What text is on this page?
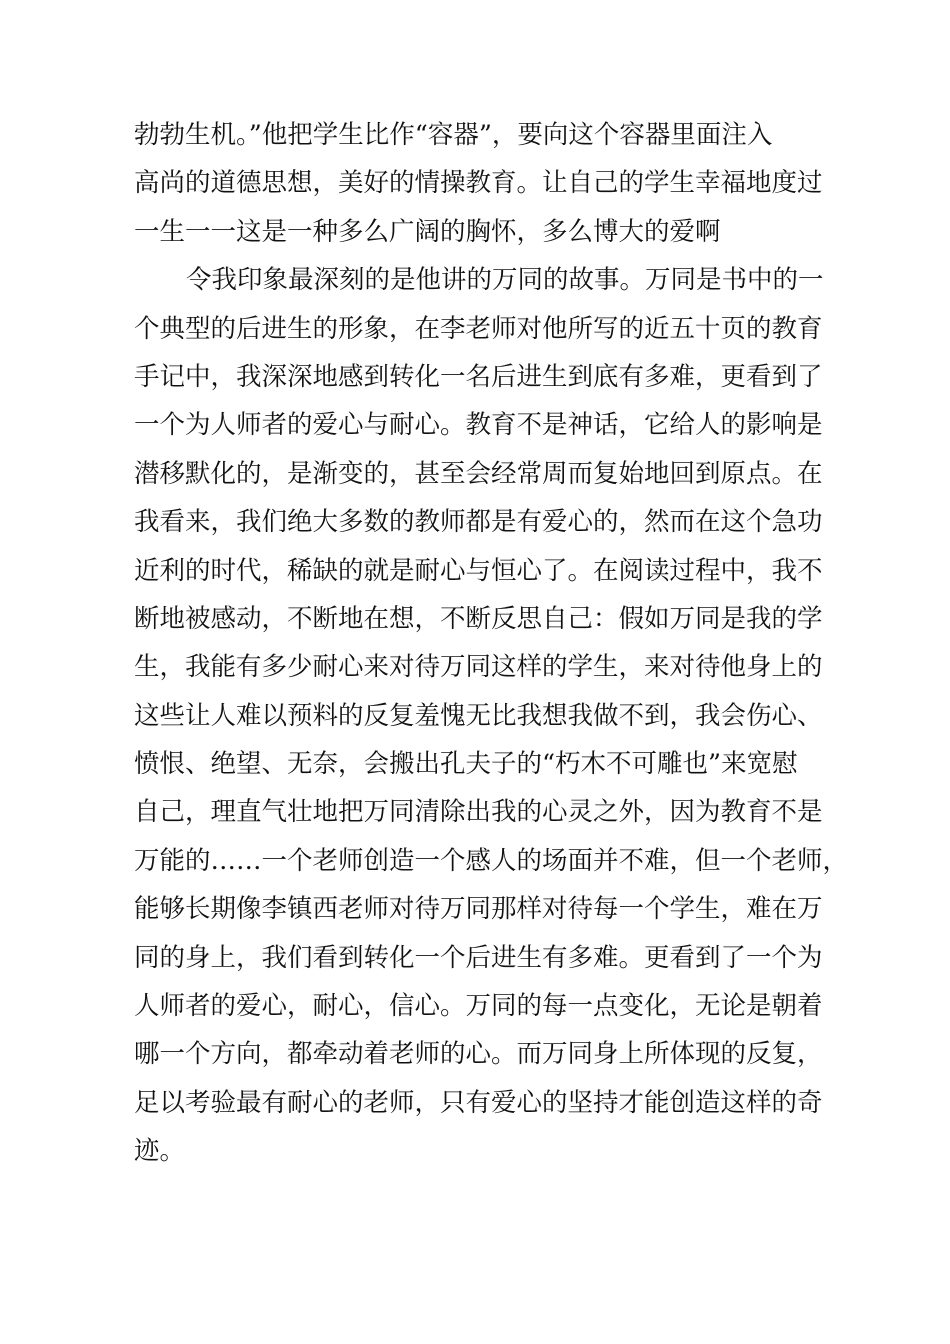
勃勃生机。”他把学生比作“容器”，要向这个容器里面注入
高尚的道德思想，美好的情操教育。让自己的学生幸福地度过
一生一一这是一种多么广阔的胸怀，多么博大的爱啊
令我印象最深刻的是他讲的万同的故事。万同是书中的一
个典型的后进生的形象，在李老师对他所写的近五十页的教育
手记中，我深深地感到转化一名后进生到底有多难，更看到了
一个为人师者的爱心与耐心。教育不是神话，它给人的影响是
潜移默化的，是渐变的，甚至会经常周而复始地回到原点。在
我看来，我们绝大多数的教师都是有爱心的，然而在这个急功
近利的时代，稀缺的就是耐心与恒心了。在阅读过程中，我不
断地被感动，不断地在想，不断反思自己：假如万同是我的学
生，我能有多少耐心来对待万同这样的学生，来对待他身上的
这些让人难以预料的反复羞愧无比我想我做不到，我会伤心、
愤恨、绝望、无奈，会搬出孔夫子的“朽木不可雕也”来宽慰
自己，理直气壮地把万同清除出我的心灵之外，因为教育不是
万能的……一个老师创造一个感人的场面并不难，但一个老师，
能够长期像李镇西老师对待万同那样对待每一个学生，难在万
同的身上，我们看到转化一个后进生有多难。更看到了一个为
人师者的爱心，耐心，信心。万同的每一点变化，无论是朝着
哪一个方向，都牵动着老师的心。而万同身上所体现的反复，
足以考验最有耐心的老师，只有爱心的坚持才能创造这样的奇
迹。
